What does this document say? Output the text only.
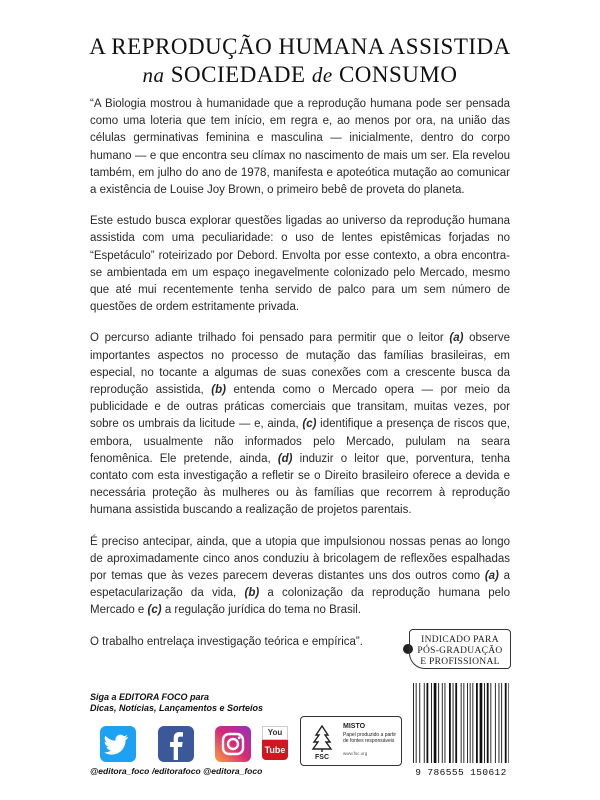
A REPRODUÇÃO HUMANA ASSISTIDA
na SOCIEDADE de CONSUMO

“A Biologia mostrou à humanidade que a reprodução humana pode ser pensada como uma loteria que tem início, em regra e, ao menos por ora, na união das células germinativas feminina e masculina — inicialmente, dentro do corpo humano — e que encontra seu clímax no nascimento de mais um ser. Ela revelou também, em julho do ano de 1978, manifesta e apoteótica mutação ao comunicar a existência de Louise Joy Brown, o primeiro bebê de proveta do planeta.

Este estudo busca explorar questões ligadas ao universo da reprodução humana assistida com uma peculiaridade: o uso de lentes epistêmicas forjadas no “Espetáculo” roteirizado por Debord. Envolta por esse contexto, a obra encontra-se ambientada em um espaço inegavelmente colonizado pelo Mercado, mesmo que até mui recentemente tenha servido de palco para um sem número de questões de ordem estritamente privada.

O percurso adiante trilhado foi pensado para permitir que o leitor (a) observe importantes aspectos no processo de mutação das famílias brasileiras, em especial, no tocante a algumas de suas conexões com a crescente busca da reprodução assistida, (b) entenda como o Mercado opera — por meio da publicidade e de outras práticas comerciais que transitam, muitas vezes, por sobre os umbrais da licitude — e, ainda, (c) identifique a presença de riscos que, embora, usualmente não informados pelo Mercado, pululam na seara fenomênica. Ele pretende, ainda, (d) induzir o leitor que, porventura, tenha contato com esta investigação a refletir se o Direito brasileiro oferece a devida e necessária proteção às mulheres ou às famílias que recorrem à reprodução humana assistida buscando a realização de projetos parentais.

É preciso antecipar, ainda, que a utopia que impulsionou nossas penas ao longo de aproximadamente cinco anos conduziu à bricolagem de reflexões espalhadas por temas que às vezes parecem deveras distantes uns dos outros como (a) a espetacularização da vida, (b) a colonização da reprodução humana pelo Mercado e (c) a regulação jurídica do tema no Brasil.

O trabalho entrelaça investigação teórica e empírica”.	INDICADO PARA
PÓS-GRADUAÇÃO
E PROFISSIONAL
Siga a EDITORA FOCO para
Dicas, Notícias, Lançamentos e Sorteios
You
Tube
@editora_foco /editorafoco @editora_foco
FSC
MISTO
Papel produzido a partir de fontes responsáveis
www.fsc.org
9 786555 150612
